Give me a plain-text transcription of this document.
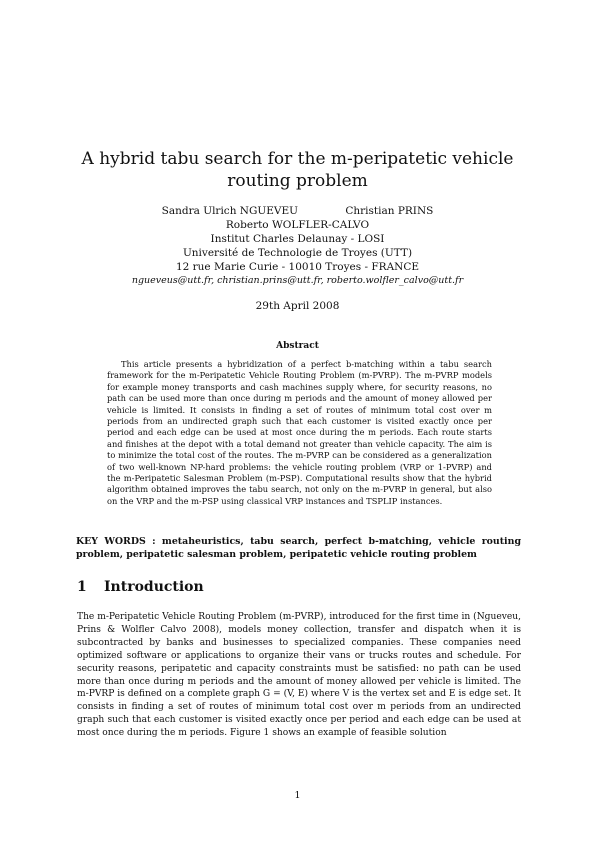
A hybrid tabu search for the m-peripatetic vehicle routing problem
Sandra Ulrich NGUEVEU	Christian PRINS
Roberto WOLFLER-CALVO
Institut Charles Delaunay - LOSI
Université de Technologie de Troyes (UTT)
12 rue Marie Curie - 10010 Troyes - FRANCE
ngueveus@utt.fr, christian.prins@utt.fr, roberto.wolfler_calvo@utt.fr
29th April 2008
Abstract

This article presents a hybridization of a perfect b-matching within a tabu search framework for the m-Peripatetic Vehicle Routing Problem (m-PVRP). The m-PVRP models for example money transports and cash machines supply where, for security reasons, no path can be used more than once during m periods and the amount of money allowed per vehicle is limited. It consists in finding a set of routes of minimum total cost over m periods from an undirected graph such that each customer is visited exactly once per period and each edge can be used at most once during the m periods. Each route starts and finishes at the depot with a total demand not greater than vehicle capacity. The aim is to minimize the total cost of the routes. The m-PVRP can be considered as a generalization of two well-known NP-hard problems: the vehicle routing problem (VRP or 1-PVRP) and the m-Peripatetic Salesman Problem (m-PSP). Computational results show that the hybrid algorithm obtained improves the tabu search, not only on the m-PVRP in general, but also on the VRP and the m-PSP using classical VRP instances and TSPLIP instances.

KEY WORDS : metaheuristics, tabu search, perfect b-matching, vehicle routing problem, peripatetic salesman problem, peripatetic vehicle routing problem

1 Introduction

The m-Peripatetic Vehicle Routing Problem (m-PVRP), introduced for the first time in (Ngueveu, Prins & Wolfler Calvo 2008), models money collection, transfer and dispatch when it is subcontracted by banks and businesses to specialized companies. These companies need optimized software or applications to organize their vans or trucks routes and schedule. For security reasons, peripatetic and capacity constraints must be satisfied: no path can be used more than once during m periods and the amount of money allowed per vehicle is limited. The m-PVRP is defined on a complete graph G = (V, E) where V is the vertex set and E is edge set. It consists in finding a set of routes of minimum total cost over m periods from an undirected graph such that each customer is visited exactly once per period and each edge can be used at most once during the m periods. Figure 1 shows an example of feasible solution

1
